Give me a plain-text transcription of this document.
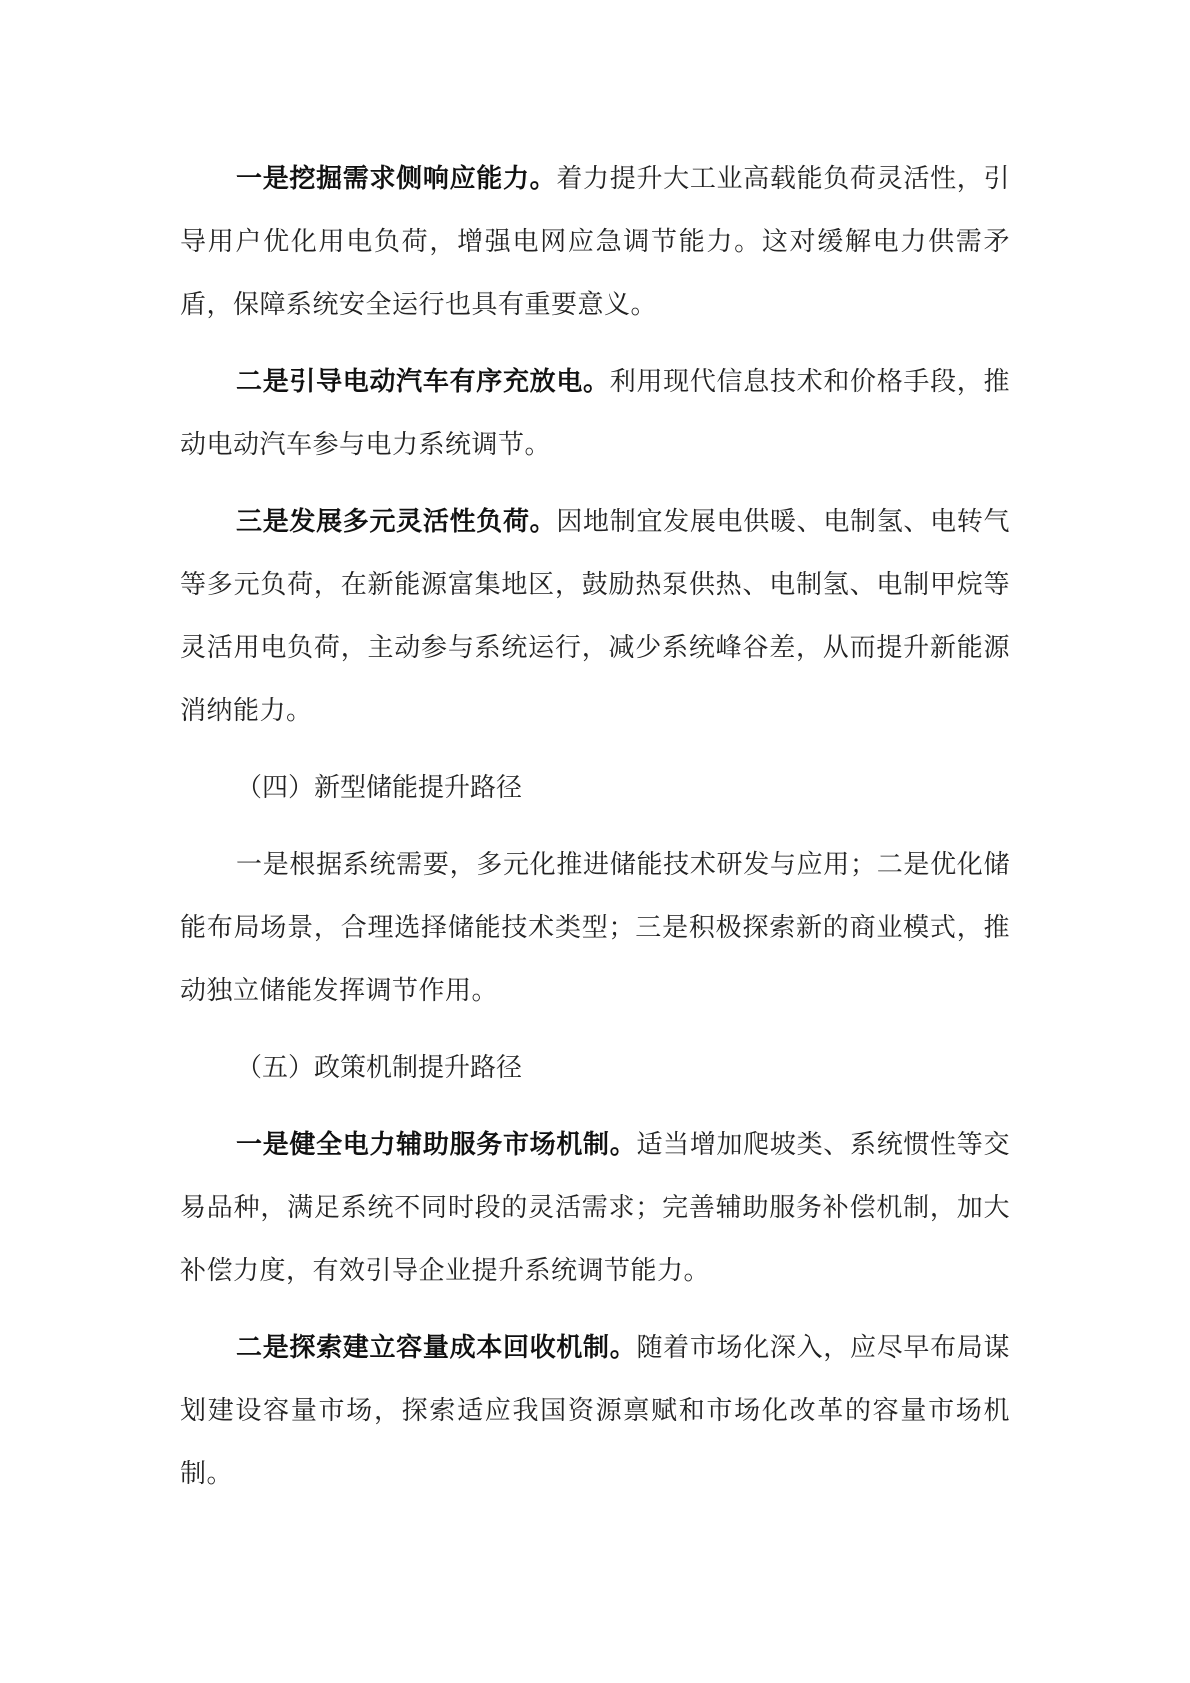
一是挖掘需求侧响应能力。着力提升大工业高载能负荷灵活性，引导用户优化用电负荷，增强电网应急调节能力。这对缓解电力供需矛盾，保障系统安全运行也具有重要意义。

二是引导电动汽车有序充放电。利用现代信息技术和价格手段，推动电动汽车参与电力系统调节。

三是发展多元灵活性负荷。因地制宜发展电供暖、电制氢、电转气等多元负荷，在新能源富集地区，鼓励热泵供热、电制氢、电制甲烷等灵活用电负荷，主动参与系统运行，减少系统峰谷差，从而提升新能源消纳能力。

（四）新型储能提升路径

一是根据系统需要，多元化推进储能技术研发与应用；二是优化储能布局场景，合理选择储能技术类型；三是积极探索新的商业模式，推动独立储能发挥调节作用。

（五）政策机制提升路径

一是健全电力辅助服务市场机制。适当增加爬坡类、系统惯性等交易品种，满足系统不同时段的灵活需求；完善辅助服务补偿机制，加大补偿力度，有效引导企业提升系统调节能力。

二是探索建立容量成本回收机制。随着市场化深入，应尽早布局谋划建设容量市场，探索适应我国资源禀赋和市场化改革的容量市场机制。
